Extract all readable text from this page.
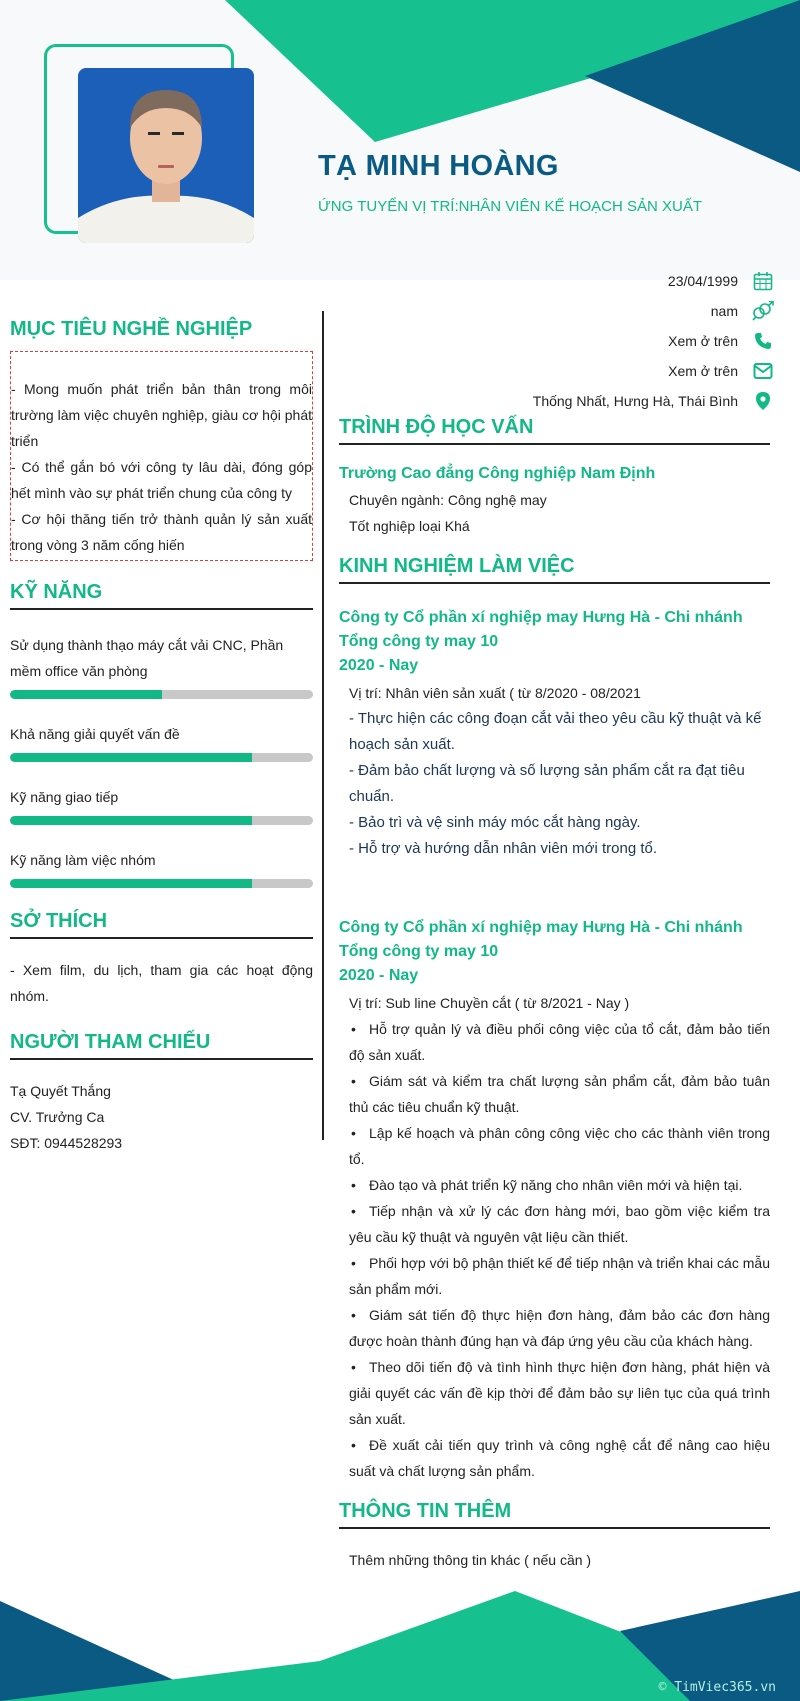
TẠ MINH HOÀNG
ỨNG TUYỂN VỊ TRÍ:NHÂN VIÊN KẾ HOẠCH SẢN XUẤT
23/04/1999
nam
Xem ở trên
Xem ở trên
Thống Nhất, Hưng Hà, Thái Bình
MỤC TIÊU NGHỀ NGHIỆP

- Mong muốn phát triển bản thân trong môi trường làm việc chuyên nghiệp, giàu cơ hội phát triển

- Có thể gắn bó với công ty lâu dài, đóng góp hết mình vào sự phát triển chung của công ty

- Cơ hội thăng tiến trở thành quản lý sản xuất trong vòng 3 năm cống hiến

KỸ NĂNG
Sử dụng thành thạo máy cắt vải CNC, Phần mềm office văn phòng
Khả năng giải quyết vấn đề
Kỹ năng giao tiếp
Kỹ năng làm việc nhóm
SỞ THÍCH

- Xem film, du lịch, tham gia các hoạt động nhóm.

NGƯỜI THAM CHIẾU
Tạ Quyết Thắng
CV. Trưởng Ca
SĐT: 0944528293
TRÌNH ĐỘ HỌC VẤN
Trường Cao đẳng Công nghiệp Nam Định
Chuyên ngành: Công nghệ may
Tốt nghiệp loại Khá
KINH NGHIỆM LÀM VIỆC
Công ty Cổ phần xí nghiệp may Hưng Hà - Chi nhánh Tổng công ty may 10
2020 - Nay
Vị trí: Nhân viên sản xuất ( từ 8/2020 - 08/2021
- Thực hiện các công đoạn cắt vải theo yêu cầu kỹ thuật và kế hoạch sản xuất.
- Đảm bảo chất lượng và số lượng sản phẩm cắt ra đạt tiêu chuẩn.
- Bảo trì và vệ sinh máy móc cắt hàng ngày.
- Hỗ trợ và hướng dẫn nhân viên mới trong tổ.
Công ty Cổ phần xí nghiệp may Hưng Hà - Chi nhánh Tổng công ty may 10
2020 - Nay
Vị trí: Sub line Chuyền cắt ( từ 8/2021 - Nay )
• Hỗ trợ quản lý và điều phối công việc của tổ cắt, đảm bảo tiến độ sản xuất.
• Giám sát và kiểm tra chất lượng sản phẩm cắt, đảm bảo tuân thủ các tiêu chuẩn kỹ thuật.
• Lập kế hoạch và phân công công việc cho các thành viên trong tổ.
• Đào tạo và phát triển kỹ năng cho nhân viên mới và hiện tại.
• Tiếp nhận và xử lý các đơn hàng mới, bao gồm việc kiểm tra yêu cầu kỹ thuật và nguyên vật liệu cần thiết.
• Phối hợp với bộ phận thiết kế để tiếp nhận và triển khai các mẫu sản phẩm mới.
• Giám sát tiến độ thực hiện đơn hàng, đảm bảo các đơn hàng được hoàn thành đúng hạn và đáp ứng yêu cầu của khách hàng.
• Theo dõi tiến độ và tình hình thực hiện đơn hàng, phát hiện và giải quyết các vấn đề kịp thời để đảm bảo sự liên tục của quá trình sản xuất.
• Đề xuất cải tiến quy trình và công nghệ cắt để nâng cao hiệu suất và chất lượng sản phẩm.
THÔNG TIN THÊM
Thêm những thông tin khác ( nếu cần )
© TimViec365.vn
